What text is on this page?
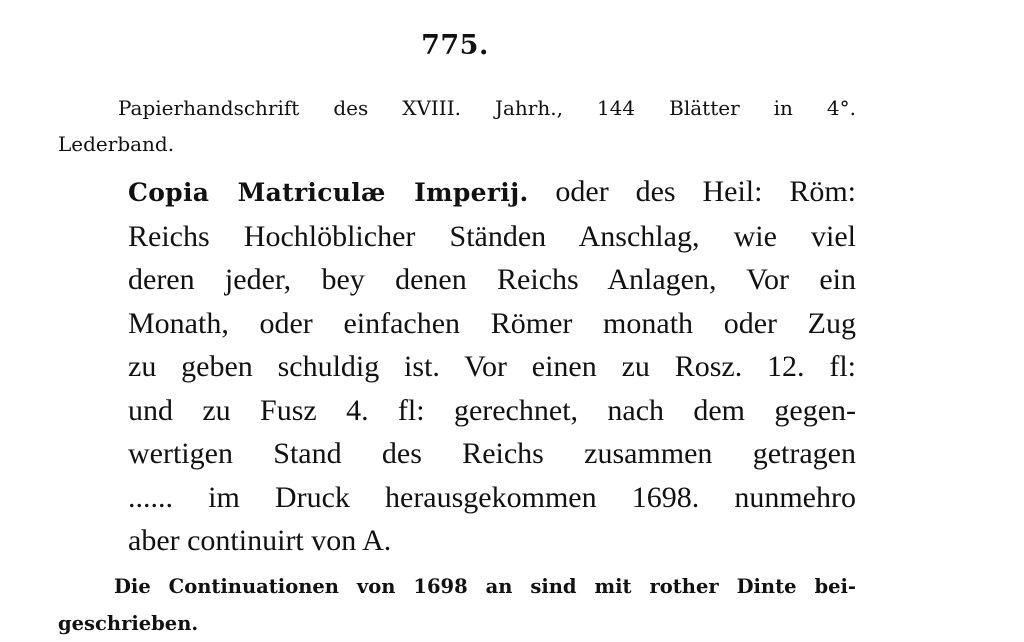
775.
Papierhandschrift des XVIII. Jahrh., 144 Blätter in 4°.
Lederband.
Copia Matriculæ Imperij. oder des Heil: Röm:
Reichs Hochlöblicher Ständen Anschlag, wie viel
deren jeder, bey denen Reichs Anlagen, Vor ein
Monath, oder einfachen Römer monath oder Zug
zu geben schuldig ist. Vor einen zu Rosz. 12. fl:
und zu Fusz 4. fl: gerechnet, nach dem gegen-
wertigen Stand des Reichs zusammen getragen
...... im Druck herausgekommen 1698. nunmehro
aber continuirt von A.
Die Continuationen von 1698 an sind mit rother Dinte bei-
geschrieben.
